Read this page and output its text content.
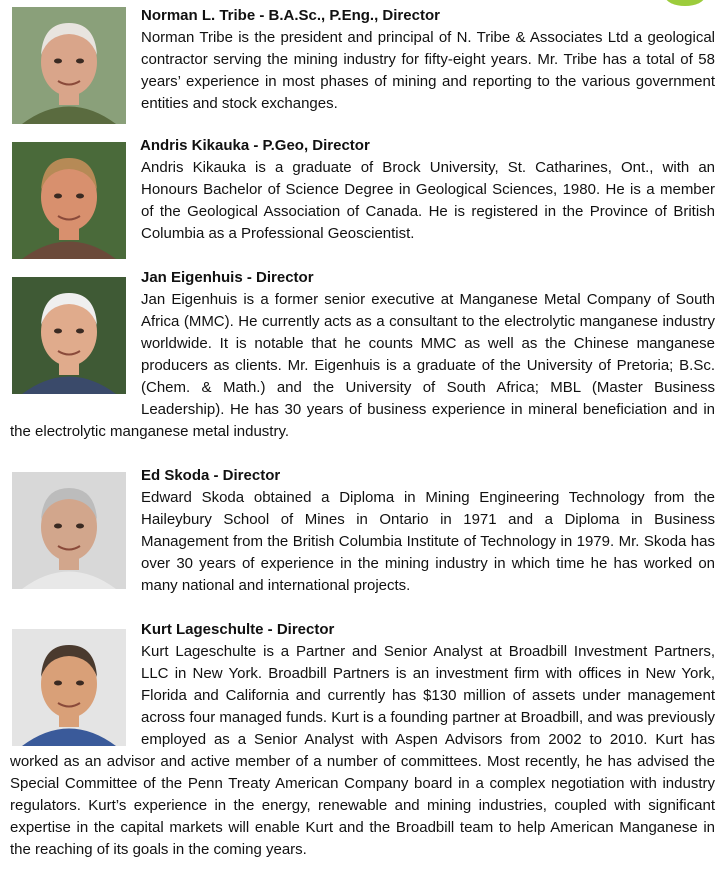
Norman L. Tribe - B.A.Sc., P.Eng., Director

Norman Tribe is the president and principal of N. Tribe & Associates Ltd a geological contractor serving the mining industry for fifty-eight years. Mr. Tribe has a total of 58 years’ experience in most phases of mining and reporting to the various government entities and stock exchanges.

Andris Kikauka - P.Geo, Director

Andris Kikauka is a graduate of Brock University, St. Catharines, Ont., with an Honours Bachelor of Science Degree in Geological Sciences, 1980. He is a member of the Geological Association of Canada. He is registered in the Province of British Columbia as a Professional Geoscientist.

Jan Eigenhuis - Director

Jan Eigenhuis is a former senior executive at Manganese Metal Company of South Africa (MMC). He currently acts as a consultant to the electrolytic manganese industry worldwide. It is notable that he counts MMC as well as the Chinese manganese producers as clients. Mr. Eigenhuis is a graduate of the University of Pretoria; B.Sc. (Chem. & Math.) and the University of South Africa; MBL (Master Business Leadership). He has 30 years of business experience in mineral beneficiation and in the electrolytic manganese metal industry.

Ed Skoda - Director

Edward Skoda obtained a Diploma in Mining Engineering Technology from the Haileybury School of Mines in Ontario in 1971 and a Diploma in Business Management from the British Columbia Institute of Technology in 1979. Mr. Skoda has over 30 years of experience in the mining industry in which time he has worked on many national and international projects.

Kurt Lageschulte - Director

Kurt Lageschulte is a Partner and Senior Analyst at Broadbill Investment Partners, LLC in New York. Broadbill Partners is an investment firm with offices in New York, Florida and California and currently has $130 million of assets under management across four managed funds. Kurt is a founding partner at Broadbill, and was previously employed as a Senior Analyst with Aspen Advisors from 2002 to 2010. Kurt has worked as an advisor and active member of a number of committees. Most recently, he has advised the Special Committee of the Penn Treaty American Company board in a complex negotiation with industry regulators. Kurt’s experience in the energy, renewable and mining industries, coupled with significant expertise in the capital markets will enable Kurt and the Broadbill team to help American Manganese in the reaching of its goals in the coming years.
